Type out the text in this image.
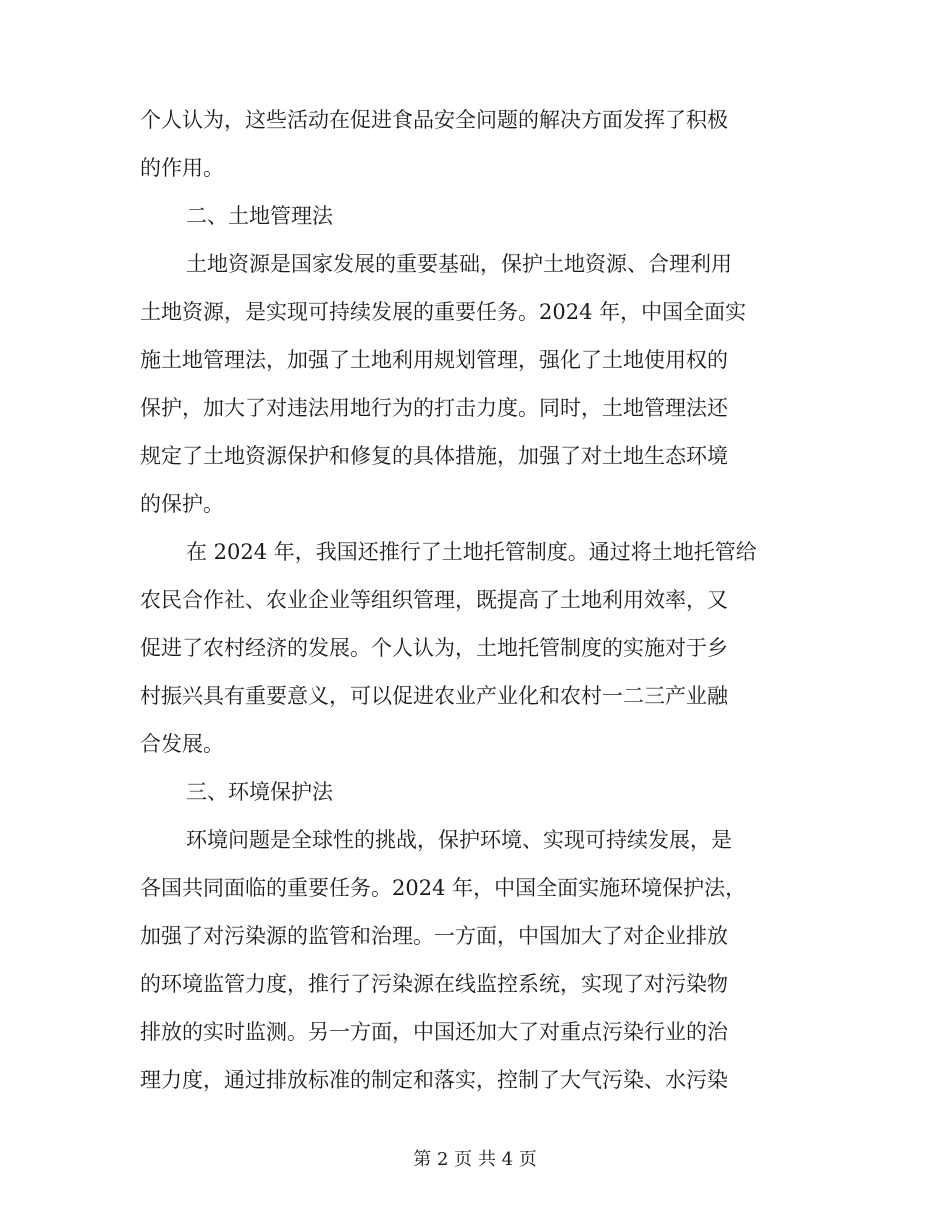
个人认为，这些活动在促进食品安全问题的解决方面发挥了积极
的作用。
二、土地管理法
土地资源是国家发展的重要基础，保护土地资源、合理利用
土地资源，是实现可持续发展的重要任务。2024 年，中国全面实
施土地管理法，加强了土地利用规划管理，强化了土地使用权的
保护，加大了对违法用地行为的打击力度。同时，土地管理法还
规定了土地资源保护和修复的具体措施，加强了对土地生态环境
的保护。
在 2024 年，我国还推行了土地托管制度。通过将土地托管给
农民合作社、农业企业等组织管理，既提高了土地利用效率，又
促进了农村经济的发展。个人认为，土地托管制度的实施对于乡
村振兴具有重要意义，可以促进农业产业化和农村一二三产业融
合发展。
三、环境保护法
环境问题是全球性的挑战，保护环境、实现可持续发展，是
各国共同面临的重要任务。2024 年，中国全面实施环境保护法，
加强了对污染源的监管和治理。一方面，中国加大了对企业排放
的环境监管力度，推行了污染源在线监控系统，实现了对污染物
排放的实时监测。另一方面，中国还加大了对重点污染行业的治
理力度，通过排放标准的制定和落实，控制了大气污染、水污染
第 2 页 共 4 页
